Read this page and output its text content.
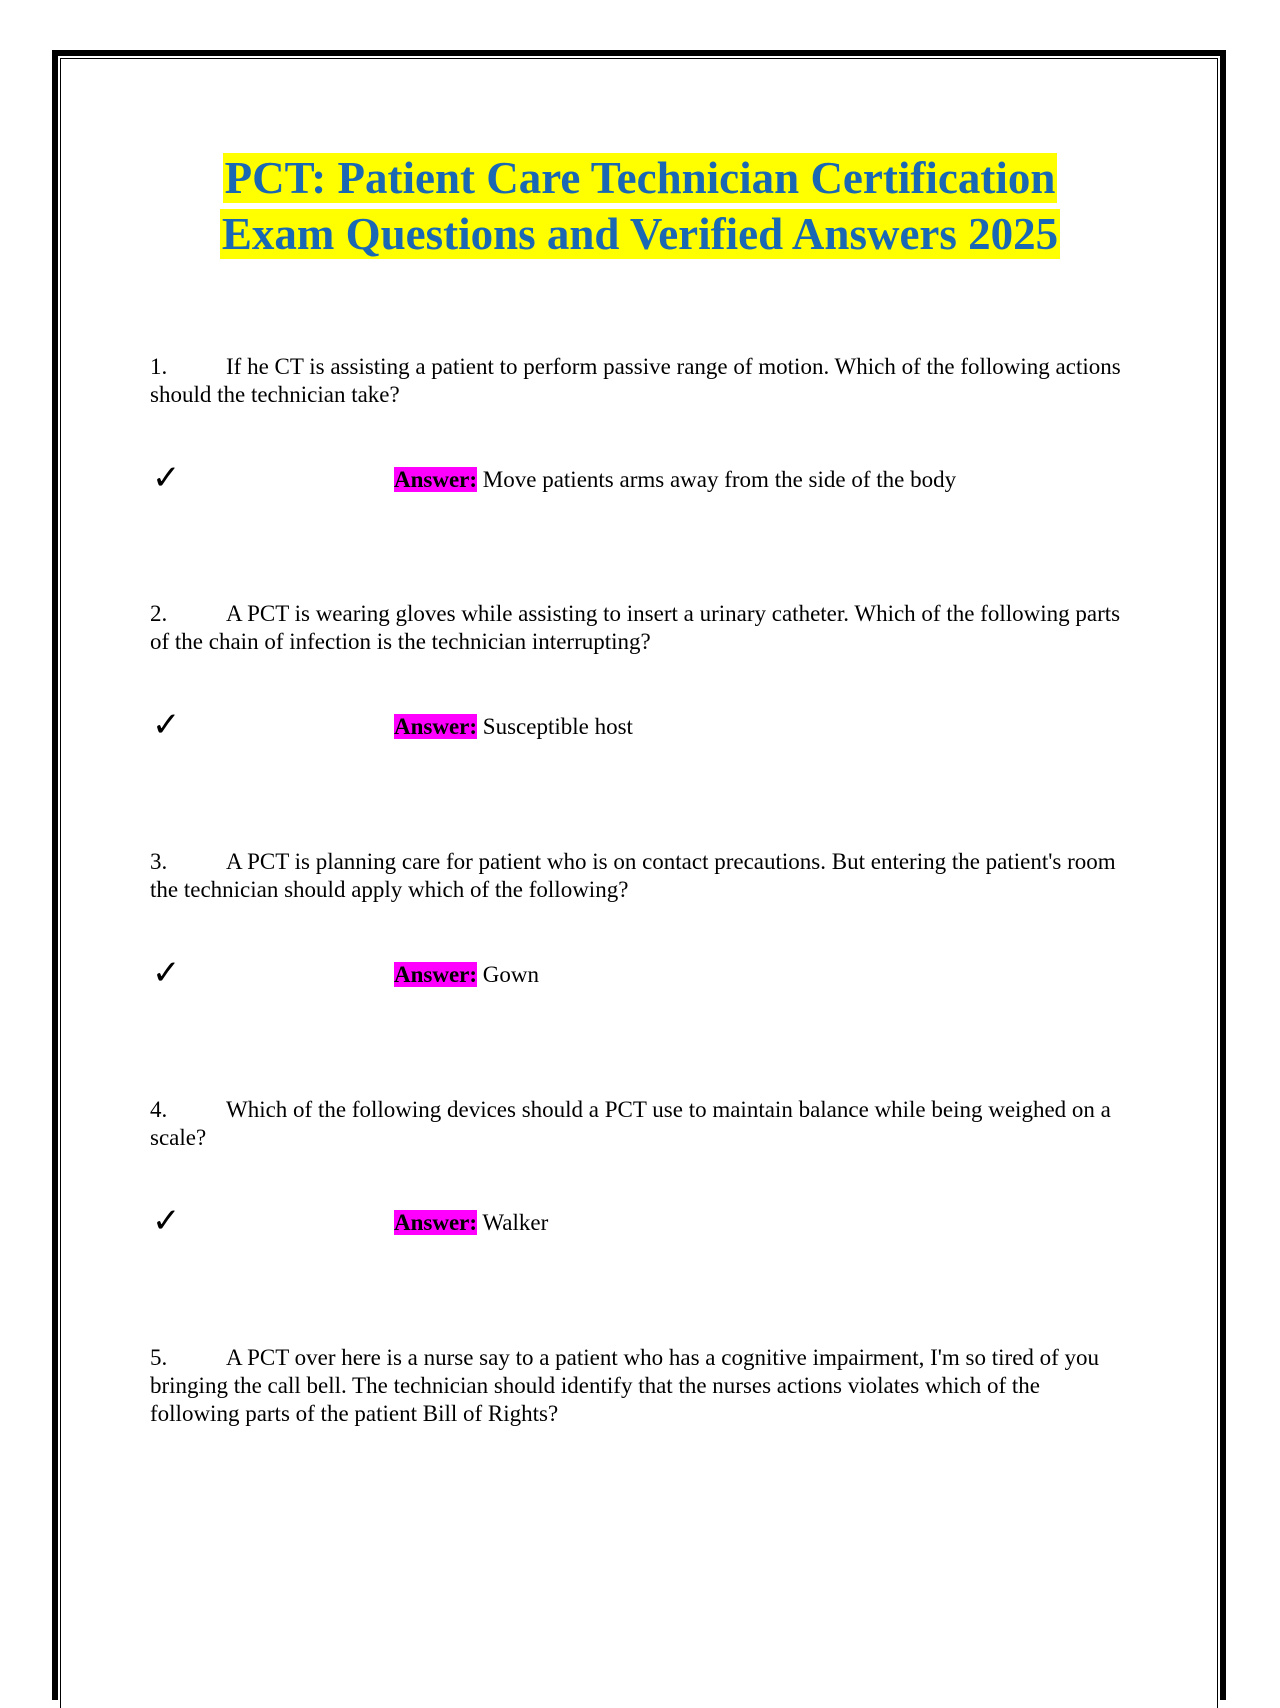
PCT: Patient Care Technician Certification
Exam Questions and Verified Answers 2025
1.	If he CT is assisting a patient to perform passive range of motion. Which of the following actions should the technician take?
✓	Answer: Move patients arms away from the side of the body
2.	A PCT is wearing gloves while assisting to insert a urinary catheter. Which of the following parts of the chain of infection is the technician interrupting?
✓	Answer: Susceptible host
3.	A PCT is planning care for patient who is on contact precautions. But entering the patient's room the technician should apply which of the following?
✓	Answer: Gown
4.	Which of the following devices should a PCT use to maintain balance while being weighed on a scale?
✓	Answer: Walker
5.	A PCT over here is a nurse say to a patient who has a cognitive impairment, I'm so tired of you bringing the call bell. The technician should identify that the nurses actions violates which of the following parts of the patient Bill of Rights?
